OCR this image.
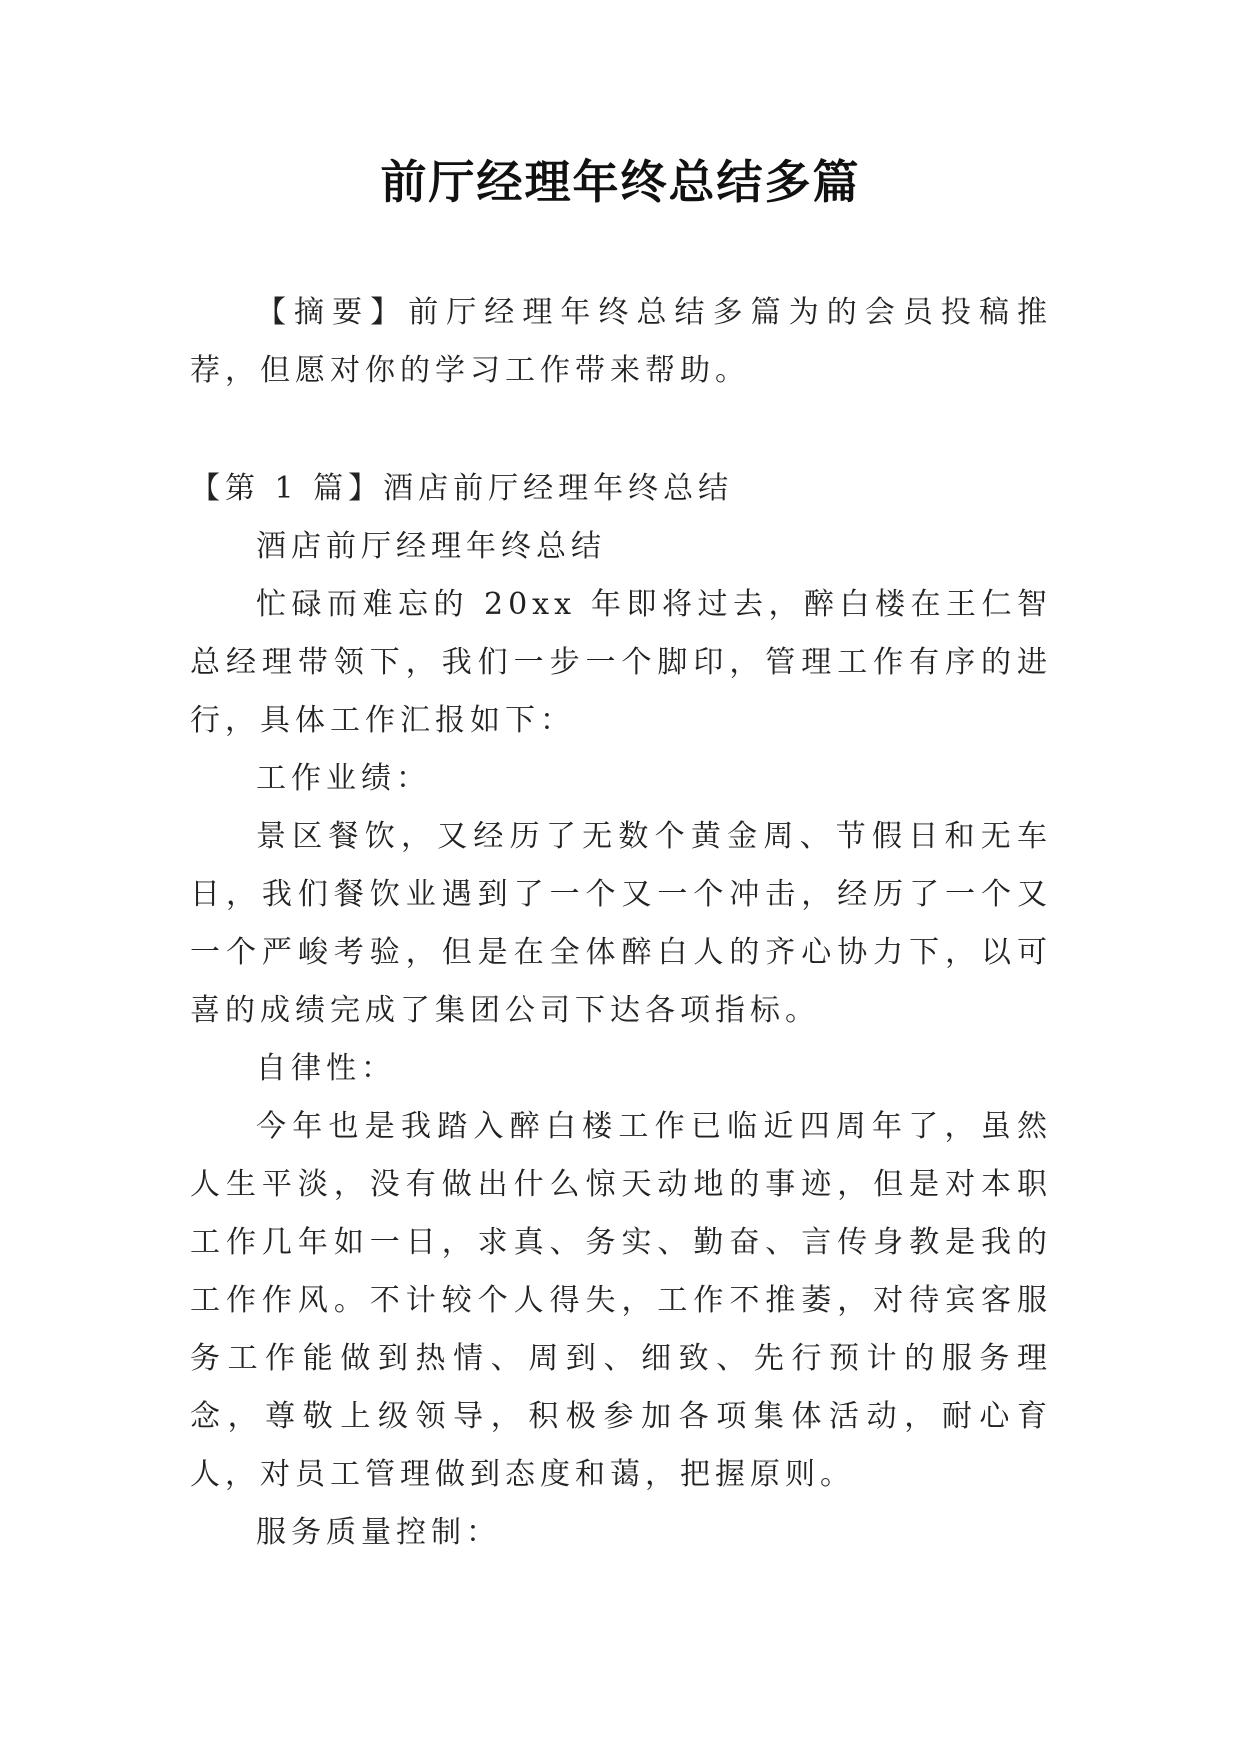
前厅经理年终总结多篇

【摘要】前厅经理年终总结多篇为的会员投稿推荐，但愿对你的学习工作带来帮助。

【第 1 篇】酒店前厅经理年终总结

酒店前厅经理年终总结

忙碌而难忘的 20xx 年即将过去，醉白楼在王仁智总经理带领下，我们一步一个脚印，管理工作有序的进行，具体工作汇报如下：

工作业绩：

景区餐饮，又经历了无数个黄金周、节假日和无车日，我们餐饮业遇到了一个又一个冲击，经历了一个又一个严峻考验，但是在全体醉白人的齐心协力下，以可喜的成绩完成了集团公司下达各项指标。

自律性：

今年也是我踏入醉白楼工作已临近四周年了，虽然人生平淡，没有做出什么惊天动地的事迹，但是对本职工作几年如一日，求真、务实、勤奋、言传身教是我的工作作风。不计较个人得失，工作不推萎，对待宾客服务工作能做到热情、周到、细致、先行预计的服务理念，尊敬上级领导，积极参加各项集体活动，耐心育人，对员工管理做到态度和蔼，把握原则。

服务质量控制：
